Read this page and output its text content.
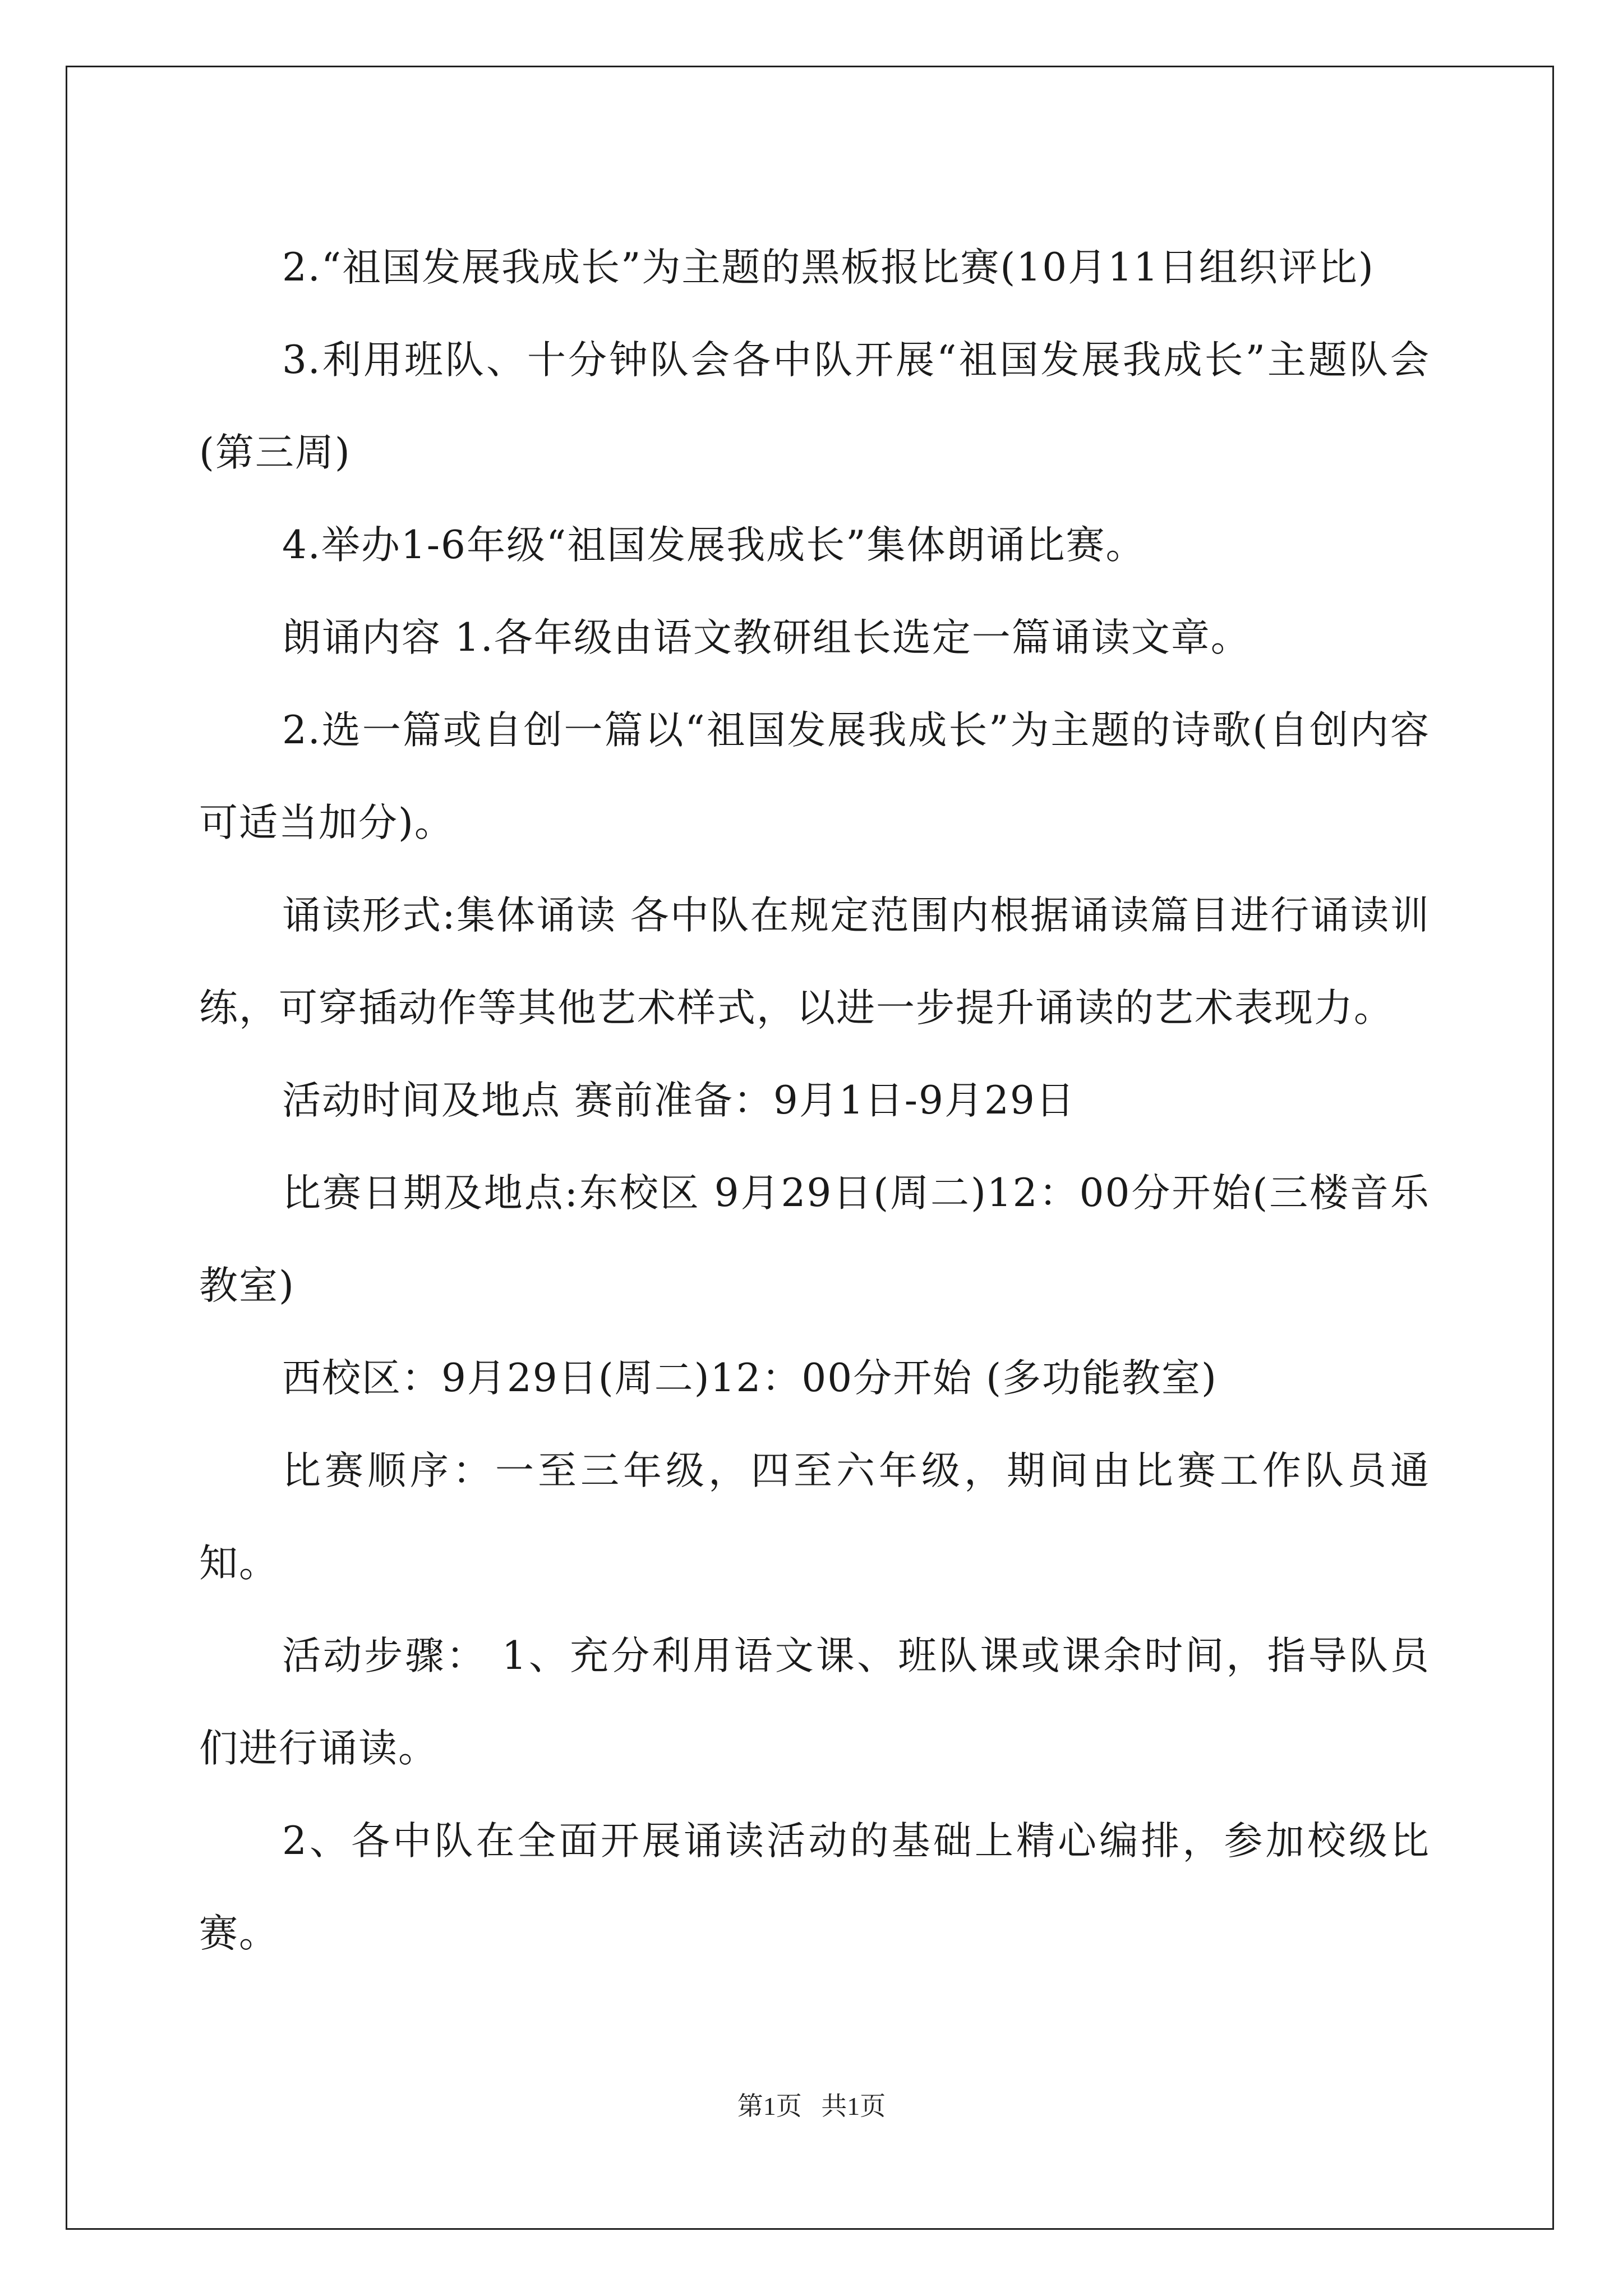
2.“祖国发展我成长”为主题的黑板报比赛(10月11日组织评比)

3.利用班队、十分钟队会各中队开展“祖国发展我成长”主题队会(第三周)

4.举办1-6年级“祖国发展我成长”集体朗诵比赛。

朗诵内容 1.各年级由语文教研组长选定一篇诵读文章。

2.选一篇或自创一篇以“祖国发展我成长”为主题的诗歌(自创内容可适当加分)。

诵读形式:集体诵读 各中队在规定范围内根据诵读篇目进行诵读训练，可穿插动作等其他艺术样式，以进一步提升诵读的艺术表现力。

活动时间及地点 赛前准备：9月1日-9月29日

比赛日期及地点:东校区 9月29日(周二)12：00分开始(三楼音乐教室)

西校区：9月29日(周二)12：00分开始 (多功能教室)

比赛顺序：一至三年级，四至六年级，期间由比赛工作队员通知。

活动步骤： 1、充分利用语文课、班队课或课余时间，指导队员们进行诵读。

2、各中队在全面开展诵读活动的基础上精心编排，参加校级比赛。

第1页   共1页
